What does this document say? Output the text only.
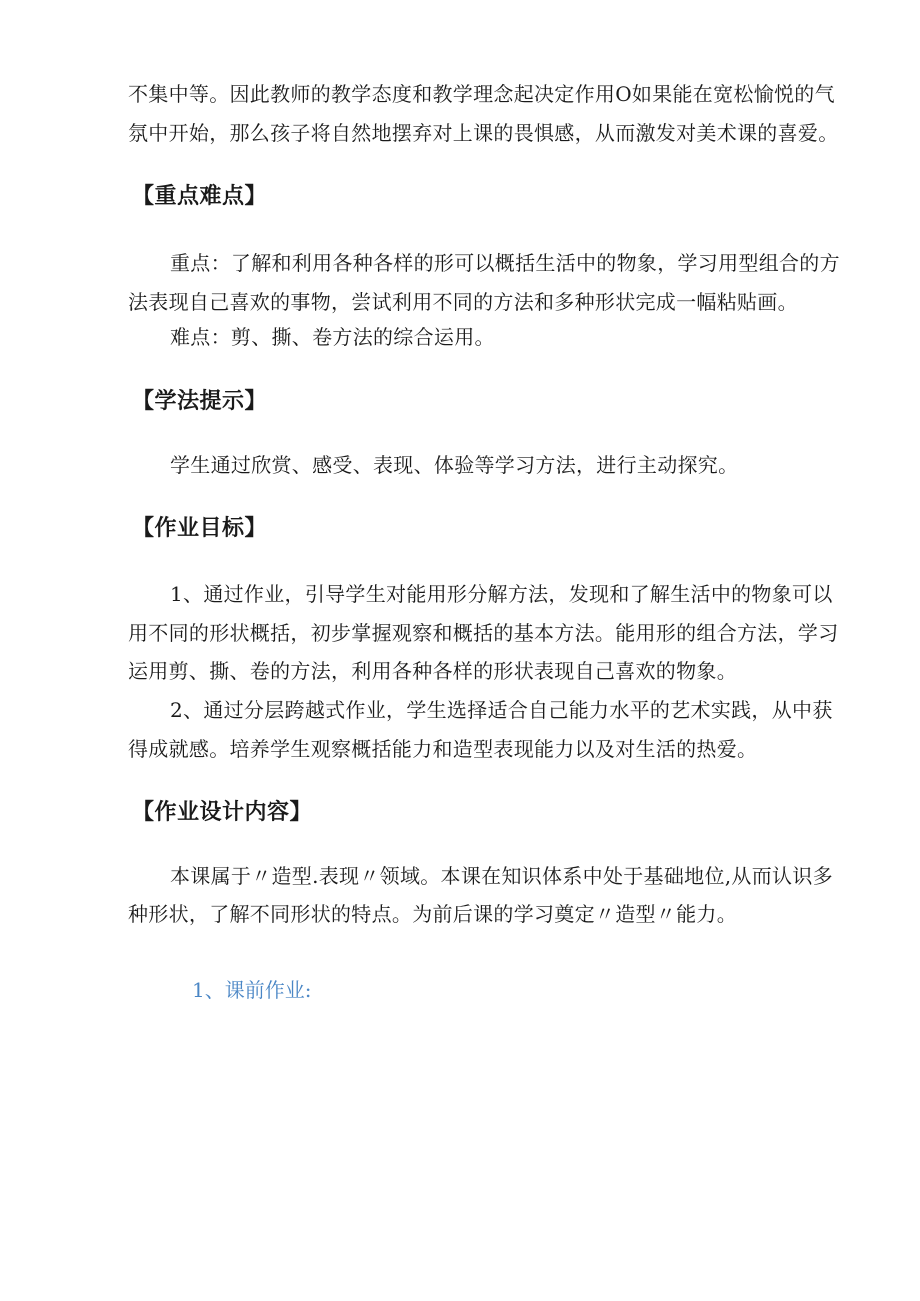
不集中等。因此教师的教学态度和教学理念起决定作用O如果能在宽松愉悦的气
氛中开始，那么孩子将自然地摆弃对上课的畏惧感，从而激发对美术课的喜爱。
【重点难点】
重点：了解和利用各种各样的形可以概括生活中的物象，学习用型组合的方
法表现自己喜欢的事物，尝试利用不同的方法和多种形状完成一幅粘贴画。
难点：剪、撕、卷方法的综合运用。
【学法提示】
学生通过欣赏、感受、表现、体验等学习方法，进行主动探究。
【作业目标】
1、通过作业，引导学生对能用形分解方法，发现和了解生活中的物象可以
用不同的形状概括，初步掌握观察和概括的基本方法。能用形的组合方法，学习
运用剪、撕、卷的方法，利用各种各样的形状表现自己喜欢的物象。
2、通过分层跨越式作业，学生选择适合自己能力水平的艺术实践，从中获
得成就感。培养学生观察概括能力和造型表现能力以及对生活的热爱。
【作业设计内容】
本课属于〃造型.表现〃领域。本课在知识体系中处于基础地位,从而认识多
种形状，了解不同形状的特点。为前后课的学习奠定〃造型〃能力。
1、课前作业:
